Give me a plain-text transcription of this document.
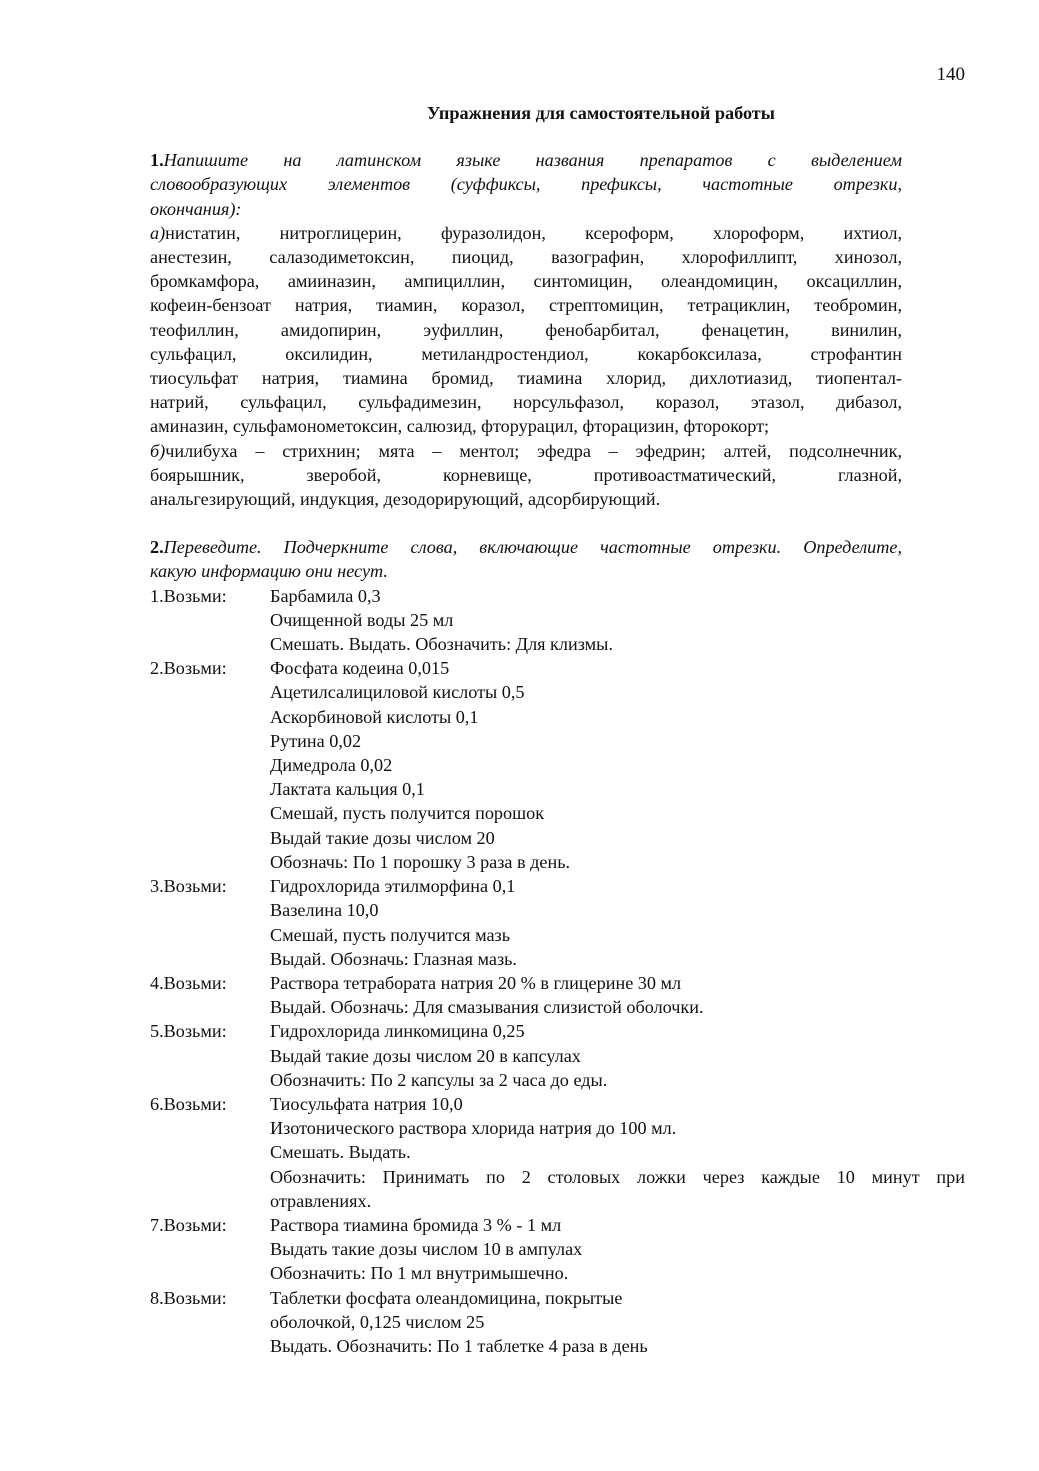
140
Упражнения для самостоятельной работы
1.Напишите на латинском языке названия препаратов с выделением
словообразующих элементов (суффиксы, префиксы, частотные отрезки,
окончания):
а)нистатин, нитроглицерин, фуразолидон, ксероформ, хлороформ, ихтиол,
анестезин, салазодиметоксин, пиоцид, вазографин, хлорофиллипт, хинозол,
бромкамфора, амииназин, ампициллин, синтомицин, олеандомицин, оксациллин,
кофеин-бензоат натрия, тиамин, коразол, стрептомицин, тетрациклин, теобромин,
теофиллин, амидопирин, эуфиллин, фенобарбитал, фенацетин, винилин,
сульфацил, оксилидин, метиландростендиол, кокарбоксилаза, строфантин
тиосульфат натрия, тиамина бромид, тиамина хлорид, дихлотиазид, тиопентал-
натрий, сульфацил, сульфадимезин, норсульфазол, коразол, этазол, дибазол,
аминазин, сульфамонометоксин, салюзид, фторурацил, фторацизин, фторокорт;
б)чилибуха – стрихнин; мята – ментол; эфедра – эфедрин; алтей, подсолнечник,
боярышник, зверобой, корневище, противоастматический, глазной,
анальгезирующий, индукция, дезодорирующий, адсорбирующий.
2.Переведите. Подчеркните слова, включающие частотные отрезки. Определите,
какую информацию они несут.
1.Возьми:	Барбамила 0,3
Очищенной воды 25 мл
Смешать. Выдать. Обозначить: Для клизмы.
2.Возьми:	Фосфата кодеина 0,015
Ацетилсалициловой кислоты 0,5
Аскорбиновой кислоты 0,1
Рутина 0,02
Димедрола 0,02
Лактата кальция 0,1
Смешай, пусть получится порошок
Выдай такие дозы числом 20
Обозначь: По 1 порошку 3 раза в день.
3.Возьми:	Гидрохлорида этилморфина 0,1
Вазелина 10,0
Смешай, пусть получится мазь
Выдай. Обозначь: Глазная мазь.
4.Возьми:	Раствора тетрабората натрия 20 % в глицерине 30 мл
Выдай. Обозначь: Для смазывания слизистой оболочки.
5.Возьми:	Гидрохлорида линкомицина 0,25
Выдай такие дозы числом 20 в капсулах
Обозначить: По 2 капсулы за 2 часа до еды.
6.Возьми:	Тиосульфата натрия 10,0
Изотонического раствора хлорида натрия до 100 мл.
Смешать. Выдать.
Обозначить: Принимать по 2 столовых ложки через каждые 10 минут при
отравлениях.
7.Возьми:	Раствора тиамина бромида 3 % - 1 мл
Выдать такие дозы числом 10 в ампулах
Обозначить: По 1 мл внутримышечно.
8.Возьми:	Таблетки фосфата олеандомицина, покрытые
оболочкой, 0,125 числом 25
Выдать. Обозначить: По 1 таблетке 4 раза в день
